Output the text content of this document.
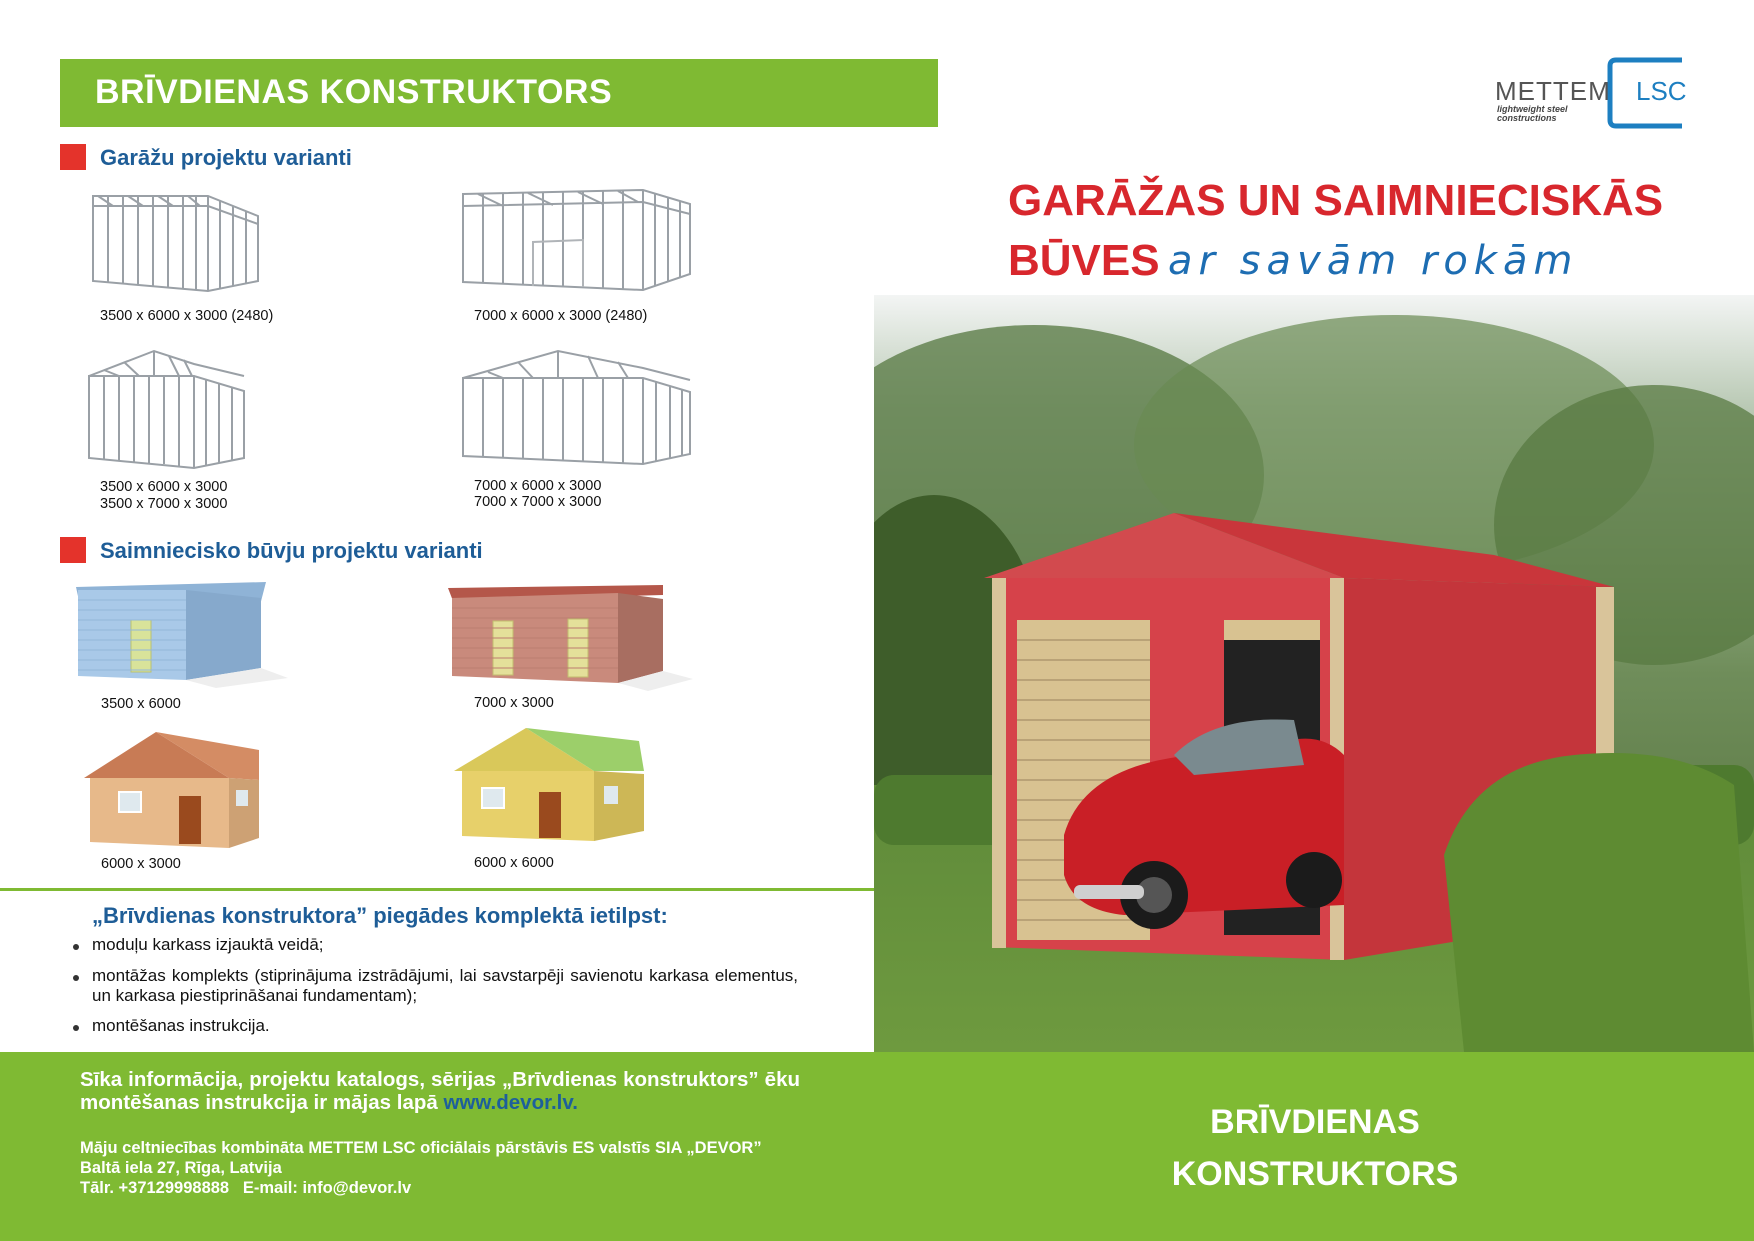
BRĪVDIENAS KONSTRUKTORS	METTEM
lightweight steel
constructions
LSC
GARĀŽAS UN SAIMNIECISKĀS
BŪVES ar savām rokām
Garāžu projektu varianti
3500 x 6000 x 3000 (2480)	7000 x 6000 x 3000 (2480)
3500 x 6000 x 3000
3500 x 7000 x 3000
7000 x 6000 x 3000
7000 x 7000 x 3000
Saimniecisko būvju projektu varianti
3500 x 6000	7000 x 3000
6000 x 3000	6000 x 6000
„Brīvdienas konstruktora” piegādes komplektā ietilpst:
moduļu karkass izjauktā veidā;
montāžas komplekts (stiprinājuma izstrādājumi, lai savstarpēji savienotu karkasa elementus, un karkasa piestiprināšanai fundamentam);
montēšanas instrukcija.
Sīka informācija, projektu katalogs, sērijas „Brīvdienas konstruktors” ēku montēšanas instrukcija ir mājas lapā www.devor.lv.
Māju celtniecības kombināta METTEM LSC oficiālais pārstāvis ES valstīs SIA „DEVOR”
Baltā iela 27, Rīga, Latvija
Tālr. +37129998888   E-mail: info@devor.lv
BRĪVDIENAS
KONSTRUKTORS
